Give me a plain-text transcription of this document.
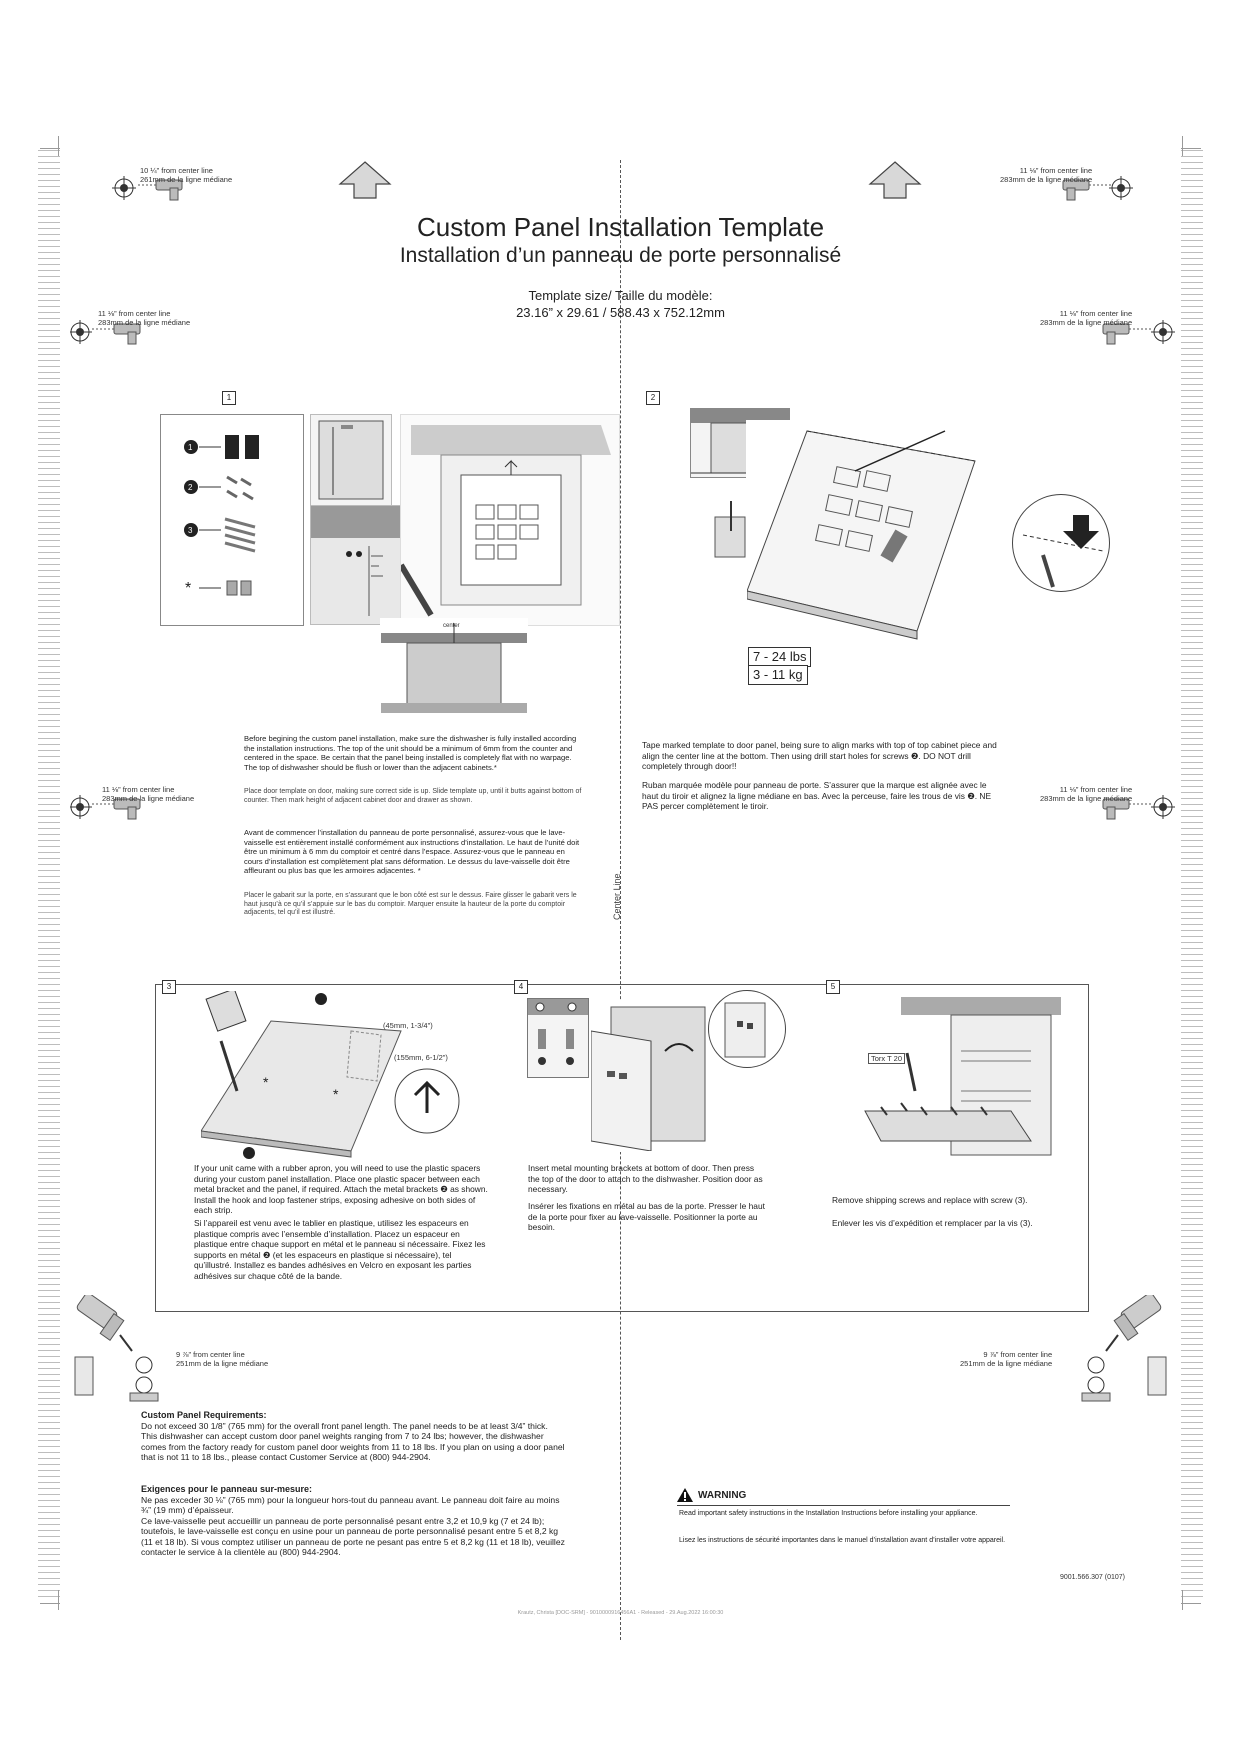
Center Line
Custom Panel Installation Template
Installation d’un panneau de porte personnalisé
Template size/ Taille du modèle:
23.16” x 29.61 / 588.43 x 752.12mm
10 ¼” from center line
261mm de la ligne médiane
11 ⅛” from center line
283mm de la ligne médiane
11 ⅛” from center line
283mm de la ligne médiane
11 ⅛” from center line
283mm de la ligne médiane
11 ⅛” from center line
283mm de la ligne médiane
11 ⅛” from center line
283mm de la ligne médiane
9 ⅞” from center line
251mm de la ligne médiane
9 ⅞” from center line
251mm de la ligne médiane
1
1
2
3
*
center
Before begining the custom panel installation, make sure the dishwasher is fully installed according the installation instructions. The top of the unit should be a minimum of 6mm from the counter and centered in the space. Be certain that the panel being installed is completely flat with no warpage.
The top of dishwasher should be flush or lower than the adjacent cabinets.*
Place door template on door, making sure correct side is up. Slide template up, until it butts against bottom of counter. Then mark height of adjacent cabinet door and drawer as shown.
Avant de commencer l’installation du panneau de porte personnalisé, assurez-vous que le lave-vaisselle est entièrement installé conformément aux instructions d’installation. Le haut de l’unité doit être un minimum à 6 mm du comptoir et centré dans l’espace. Assurez-vous que le panneau en cours d’installation est complètement plat sans déformation. Le dessus du lave-vaisselle doit être affleurant ou plus bas que les armoires adjacentes. *
Placer le gabarit sur la porte, en s’assurant que le bon côté est sur le dessus. Faire glisser le gabarit vers le haut jusqu’à ce qu’il s’appuie sur le bas du comptoir. Marquer ensuite la hauteur de la porte du comptoir adjacents, tel qu’il est illustré.
2
7 - 24 lbs
3 - 11 kg
Tape marked template to door panel, being sure to align marks with top of top cabinet piece and align the center line at the bottom. Then using drill start holes for screws ❷. DO NOT drill completely through door!!
Ruban marquée modèle pour panneau de porte. S’assurer que la marque est alignée avec le haut du tiroir et alignez la ligne médiane en bas. Avec la perceuse, faire les trous de vis ❷. NE PAS percer complètement le tiroir.
3	4	5
*
*
(45mm, 1-3/4")
(155mm, 6-1/2")
If your unit came with a rubber apron, you will need to use the plastic spacers during your custom panel installation. Place one plastic spacer between each metal bracket and the panel, if required. Attach the metal brackets ❷ as shown. Install the hook and loop fastener strips, exposing adhesive on both sides of each strip.
Si l’appareil est venu avec le tablier en plastique, utilisez les espaceurs en plastique compris avec l’ensemble d’installation. Placez un espaceur en plastique entre chaque support en métal et le panneau si nécessaire. Fixez les supports en métal ❷ (et les espaceurs en plastique si nécessaire), tel qu’illustré. Installez es bandes adhésives en Velcro en exposant les parties adhésives sur chaque côté de la bande.
Insert metal mounting brackets at bottom of door. Then press the top of the door to attach to the dishwasher. Position door as necessary.
Insérer les fixations en métal au bas de la porte. Presser le haut de la porte pour fixer au lave-vaisselle. Positionner la porte au besoin.
Torx T 20
Remove shipping screws and replace with screw (3).
Enlever les vis d’expédition et remplacer par la vis (3).
Custom Panel Requirements:
Do not exceed 30 1/8” (765 mm) for the overall front panel length. The panel needs to be at least 3/4” thick.
This dishwasher can accept custom door panel weights ranging from 7 to 24 lbs; however, the dishwasher comes from the factory ready for custom panel door weights from 11 to 18 lbs. If you plan on using a door panel that is not 11 to 18 lbs., please contact Customer Service at (800) 944-2904.
Exigences pour le panneau sur-mesure:
Ne pas exceder 30 ⅛” (765 mm) pour la longueur hors-tout du panneau avant. Le panneau doit faire au moins ¾” (19 mm) d’épaisseur.
Ce lave-vaisselle peut accueillir un panneau de porte personnalisé pesant entre 3,2 et 10,9 kg (7 et 24 lb); toutefois, le lave-vaisselle est conçu en usine pour un panneau de porte personnalisé pesant entre 5 et 8,2 kg (11 et 18 lb). Si vous comptez utiliser un panneau de porte ne pesant pas entre 5 et 8,2 kg (11 et 18 lb), veuillez contacter le service à la clientèle au (800) 944-2904.
WARNING
Read important safety instructions in the Installation Instructions before installing your appliance.
Lisez les instructions de sécurité importantes dans le manuel d’installation avant d’installer votre appareil.
9001.566.307 (0107)
Krautz, Christa [DOC-SRM] - 9010000916456A1 - Released - 29.Aug.2022 16:00:30
